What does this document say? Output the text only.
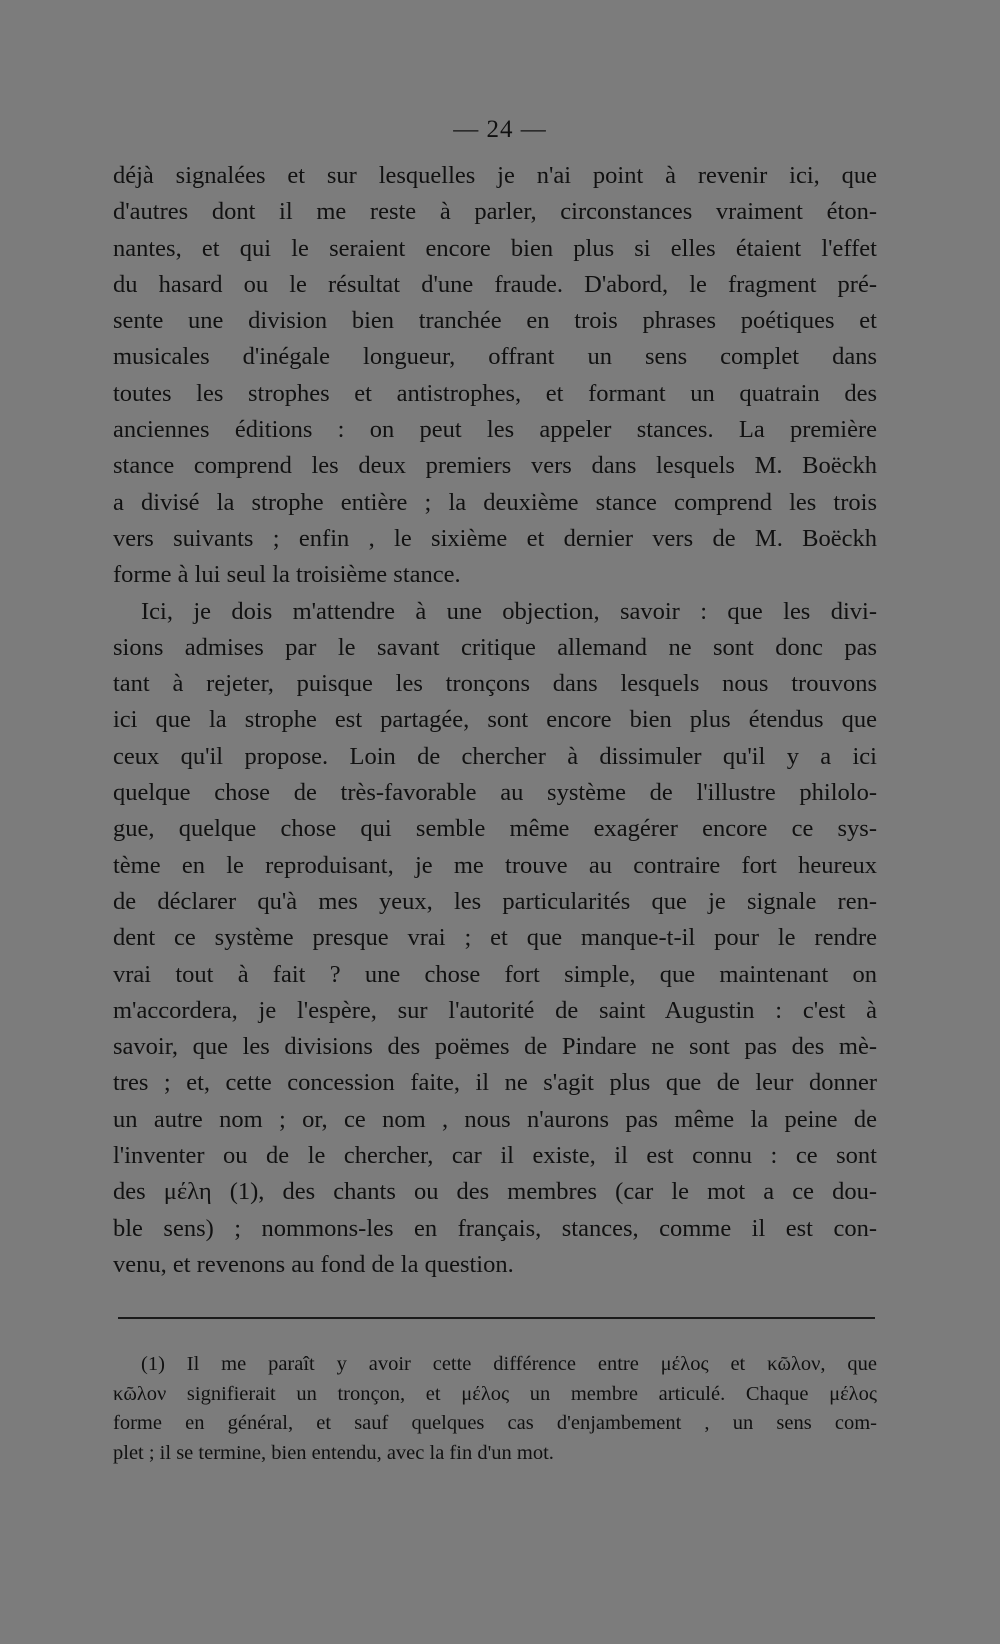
— 24 —
déjà signalées et sur lesquelles je n'ai point à revenir ici, que
d'autres dont il me reste à parler, circonstances vraiment éton-
nantes, et qui le seraient encore bien plus si elles étaient l'effet
du hasard ou le résultat d'une fraude. D'abord, le fragment pré-
sente une division bien tranchée en trois phrases poétiques et
musicales d'inégale longueur, offrant un sens complet dans
toutes les strophes et antistrophes, et formant un quatrain des
anciennes éditions : on peut les appeler stances. La première
stance comprend les deux premiers vers dans lesquels M. Boëckh
a divisé la strophe entière ; la deuxième stance comprend les trois
vers suivants ; enfin , le sixième et dernier vers de M. Boëckh
forme à lui seul la troisième stance.
Ici, je dois m'attendre à une objection, savoir : que les divi-
sions admises par le savant critique allemand ne sont donc pas
tant à rejeter, puisque les tronçons dans lesquels nous trouvons
ici que la strophe est partagée, sont encore bien plus étendus que
ceux qu'il propose. Loin de chercher à dissimuler qu'il y a ici
quelque chose de très-favorable au système de l'illustre philolo-
gue, quelque chose qui semble même exagérer encore ce sys-
tème en le reproduisant, je me trouve au contraire fort heureux
de déclarer qu'à mes yeux, les particularités que je signale ren-
dent ce système presque vrai ; et que manque-t-il pour le rendre
vrai tout à fait ? une chose fort simple, que maintenant on
m'accordera, je l'espère, sur l'autorité de saint Augustin : c'est à
savoir, que les divisions des poëmes de Pindare ne sont pas des mè-
tres ; et, cette concession faite, il ne s'agit plus que de leur donner
un autre nom ; or, ce nom , nous n'aurons pas même la peine de
l'inventer ou de le chercher, car il existe, il est connu : ce sont
des μέλη (1), des chants ou des membres (car le mot a ce dou-
ble sens) ; nommons-les en français, stances, comme il est con-
venu, et revenons au fond de la question.
(1) Il me paraît y avoir cette différence entre μέλος et κῶλον, que
κῶλον signifierait un tronçon, et μέλος un membre articulé. Chaque μέλος
forme en général, et sauf quelques cas d'enjambement , un sens com-
plet ; il se termine, bien entendu, avec la fin d'un mot.
